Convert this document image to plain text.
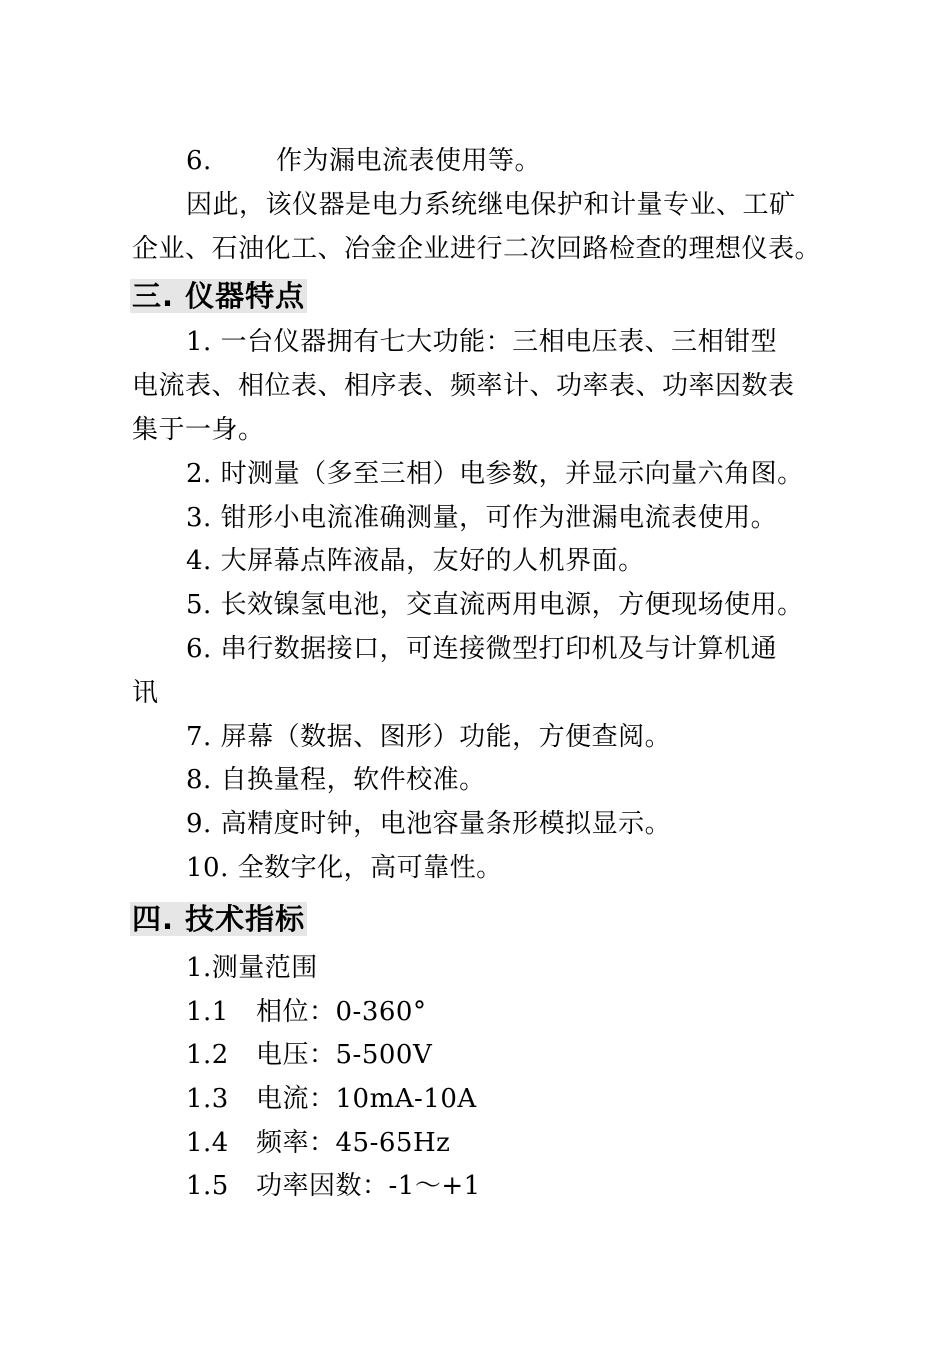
6. 作为漏电流表使用等。
因此，该仪器是电力系统继电保护和计量专业、工矿
企业、石油化工、冶金企业进行二次回路检查的理想仪表。
三. 仪器特点
1. 一台仪器拥有七大功能：三相电压表、三相钳型
电流表、相位表、相序表、频率计、功率表、功率因数表
集于一身。
2. 时测量（多至三相）电参数，并显示向量六角图。
3. 钳形小电流准确测量，可作为泄漏电流表使用。
4. 大屏幕点阵液晶，友好的人机界面。
5. 长效镍氢电池，交直流两用电源，方便现场使用。
6. 串行数据接口，可连接微型打印机及与计算机通
讯
7. 屏幕（数据、图形）功能，方便查阅。
8. 自换量程，软件校准。
9. 高精度时钟，电池容量条形模拟显示。
10. 全数字化，高可靠性。
四. 技术指标
1.测量范围
1.1 相位：0-360°
1.2 电压：5-500V
1.3 电流：10mA-10A
1.4 频率：45-65Hz
1.5 功率因数：-1～+1
